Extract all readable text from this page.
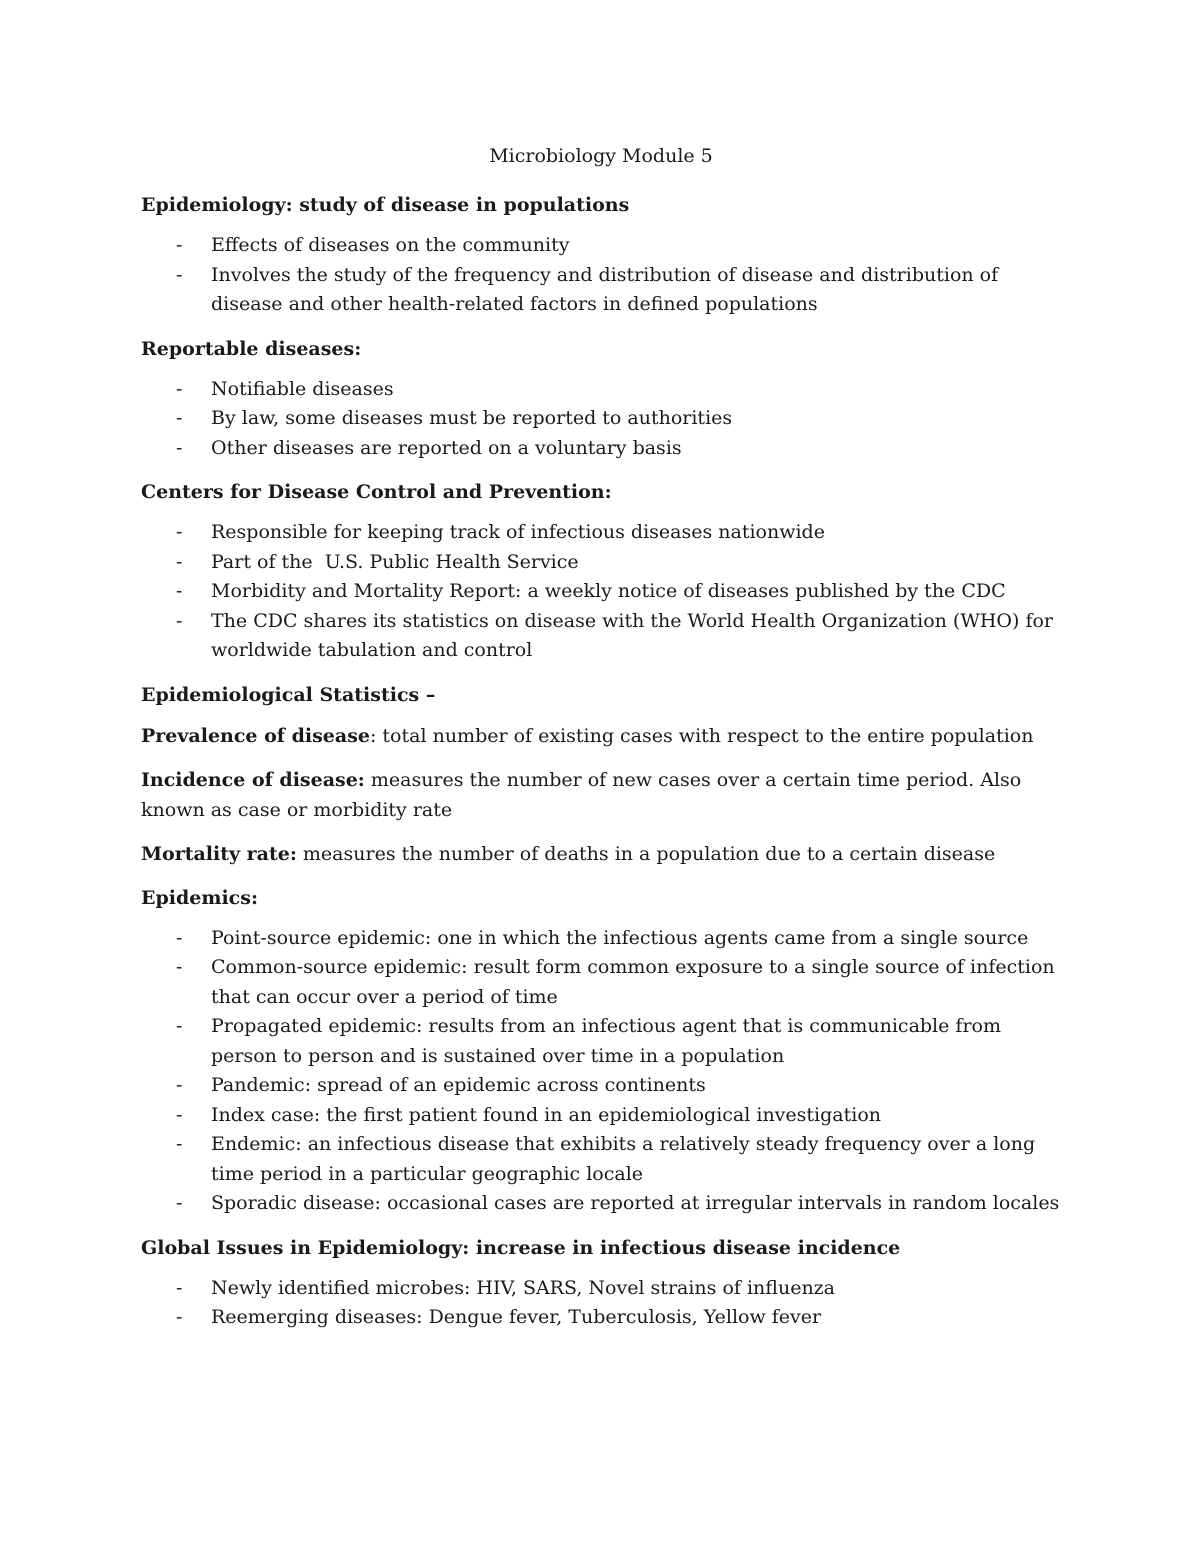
Microbiology Module 5
Epidemiology: study of disease in populations
- Effects of diseases on the community
- Involves the study of the frequency and distribution of disease and distribution of disease and other health-related factors in defined populations
Reportable diseases:
- Notifiable diseases
- By law, some diseases must be reported to authorities
- Other diseases are reported on a voluntary basis
Centers for Disease Control and Prevention:
- Responsible for keeping track of infectious diseases nationwide
- Part of the  U.S. Public Health Service
- Morbidity and Mortality Report: a weekly notice of diseases published by the CDC
- The CDC shares its statistics on disease with the World Health Organization (WHO) for worldwide tabulation and control
Epidemiological Statistics –
Prevalence of disease: total number of existing cases with respect to the entire population
Incidence of disease: measures the number of new cases over a certain time period. Also known as case or morbidity rate
Mortality rate: measures the number of deaths in a population due to a certain disease
Epidemics:
- Point-source epidemic: one in which the infectious agents came from a single source
- Common-source epidemic: result form common exposure to a single source of infection that can occur over a period of time
- Propagated epidemic: results from an infectious agent that is communicable from person to person and is sustained over time in a population
- Pandemic: spread of an epidemic across continents
- Index case: the first patient found in an epidemiological investigation
- Endemic: an infectious disease that exhibits a relatively steady frequency over a long time period in a particular geographic locale
- Sporadic disease: occasional cases are reported at irregular intervals in random locales
Global Issues in Epidemiology: increase in infectious disease incidence
- Newly identified microbes: HIV, SARS, Novel strains of influenza
- Reemerging diseases: Dengue fever, Tuberculosis, Yellow fever
